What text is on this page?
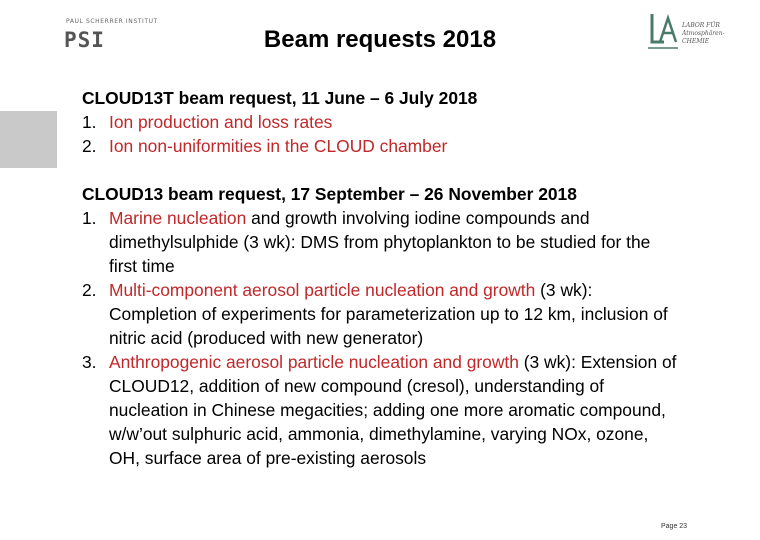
PAUL SCHERRER INSTITUT
PSI	Beam requests 2018
LABOR FÜR
Atmosphären-
CHEMIE
CLOUD13T beam request, 11 June – 6 July 2018
1. Ion production and loss rates
2. Ion non-uniformities in the CLOUD chamber
CLOUD13 beam request, 17 September – 26 November 2018
1. Marine nucleation and growth involving iodine compounds and dimethylsulphide (3 wk): DMS from phytoplankton to be studied for the first time
2. Multi-component aerosol particle nucleation and growth (3 wk): Completion of experiments for parameterization up to 12 km, inclusion of nitric acid (produced with new generator)
3. Anthropogenic aerosol particle nucleation and growth (3 wk): Extension of CLOUD12, addition of new compound (cresol), understanding of nucleation in Chinese megacities; adding one more aromatic compound, w/w’out sulphuric acid, ammonia, dimethylamine, varying NOx, ozone, OH, surface area of pre-existing aerosols
Page 23
